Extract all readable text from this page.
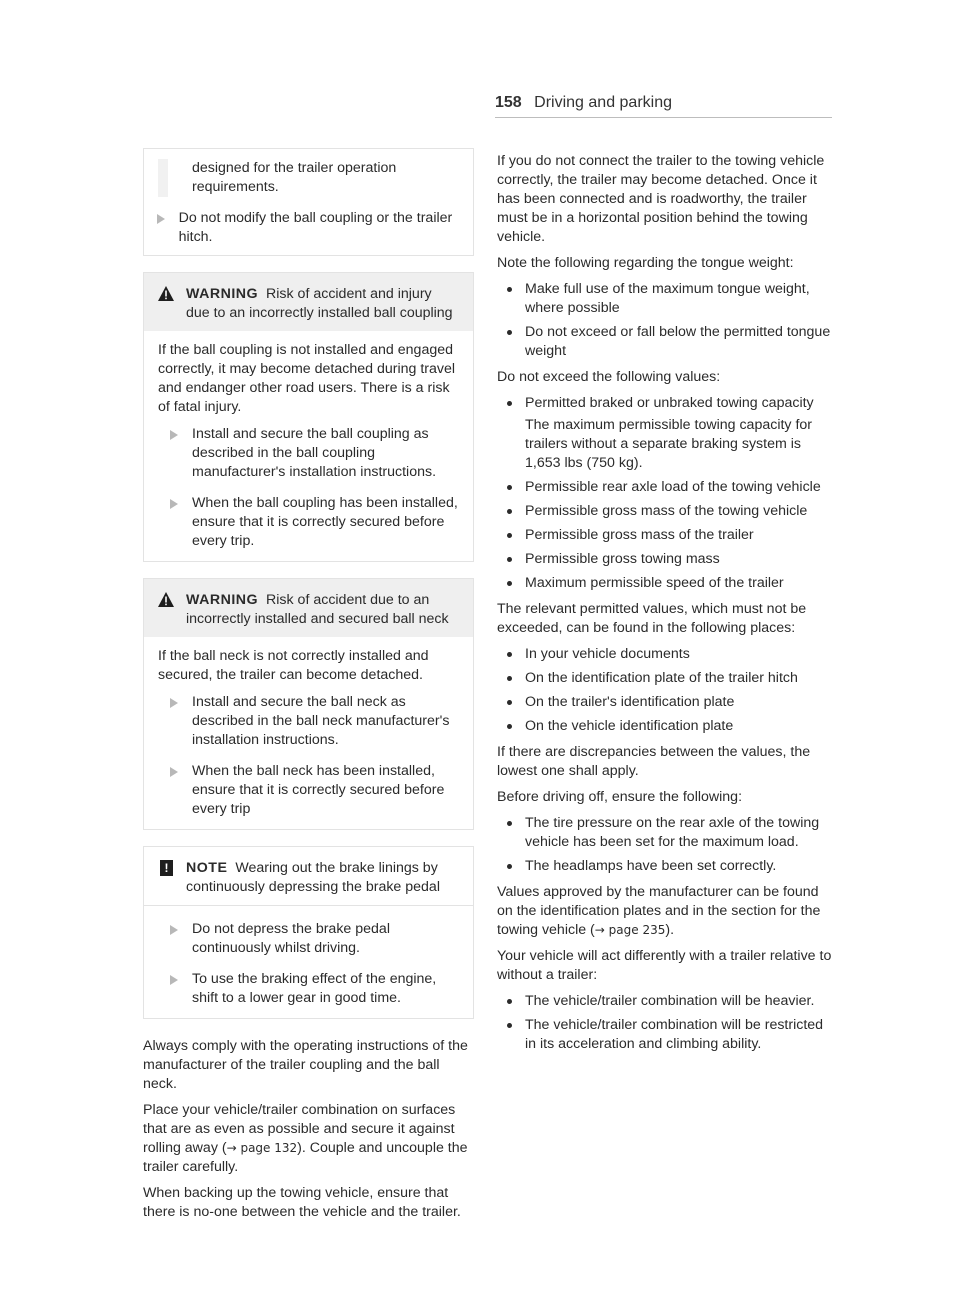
158 Driving and parking
designed for the trailer operation requirements.
Do not modify the ball coupling or the trailer hitch.
WARNING Risk of accident and injury due to an incorrectly installed ball coupling

If the ball coupling is not installed and engaged correctly, it may become detached during travel and endanger other road users. There is a risk of fatal injury.

Install and secure the ball coupling as described in the ball coupling manufacturer's installation instructions.
When the ball coupling has been installed, ensure that it is correctly secured before every trip.
WARNING Risk of accident due to an incorrectly installed and secured ball neck

If the ball neck is not correctly installed and secured, the trailer can become detached.

Install and secure the ball neck as described in the ball neck manufacturer's installation instructions.
When the ball neck has been installed, ensure that it is correctly secured before every trip
!	NOTE Wearing out the brake linings by continuously depressing the brake pedal
Do not depress the brake pedal continuously whilst driving.
To use the braking effect of the engine, shift to a lower gear in good time.

Always comply with the operating instructions of the manufacturer of the trailer coupling and the ball neck.

Place your vehicle/trailer combination on surfaces that are as even as possible and secure it against rolling away (→ page 132). Couple and uncouple the trailer carefully.

When backing up the towing vehicle, ensure that there is no-one between the vehicle and the trailer.

If you do not connect the trailer to the towing vehicle correctly, the trailer may become detached. Once it has been connected and is roadworthy, the trailer must be in a horizontal position behind the towing vehicle.

Note the following regarding the tongue weight:

Make full use of the maximum tongue weight, where possible
Do not exceed or fall below the permitted tongue weight

Do not exceed the following values:

Permitted braked or unbraked towing capacity
The maximum permissible towing capacity for trailers without a separate braking system is 1,653 lbs (750 kg).
Permissible rear axle load of the towing vehicle
Permissible gross mass of the towing vehicle
Permissible gross mass of the trailer
Permissible gross towing mass
Maximum permissible speed of the trailer

The relevant permitted values, which must not be exceeded, can be found in the following places:

In your vehicle documents
On the identification plate of the trailer hitch
On the trailer's identification plate
On the vehicle identification plate

If there are discrepancies between the values, the lowest one shall apply.

Before driving off, ensure the following:

The tire pressure on the rear axle of the towing vehicle has been set for the maximum load.
The headlamps have been set correctly.

Values approved by the manufacturer can be found on the identification plates and in the section for the towing vehicle (→ page 235).

Your vehicle will act differently with a trailer relative to without a trailer:

The vehicle/trailer combination will be heavier.
The vehicle/trailer combination will be restricted in its acceleration and climbing ability.
